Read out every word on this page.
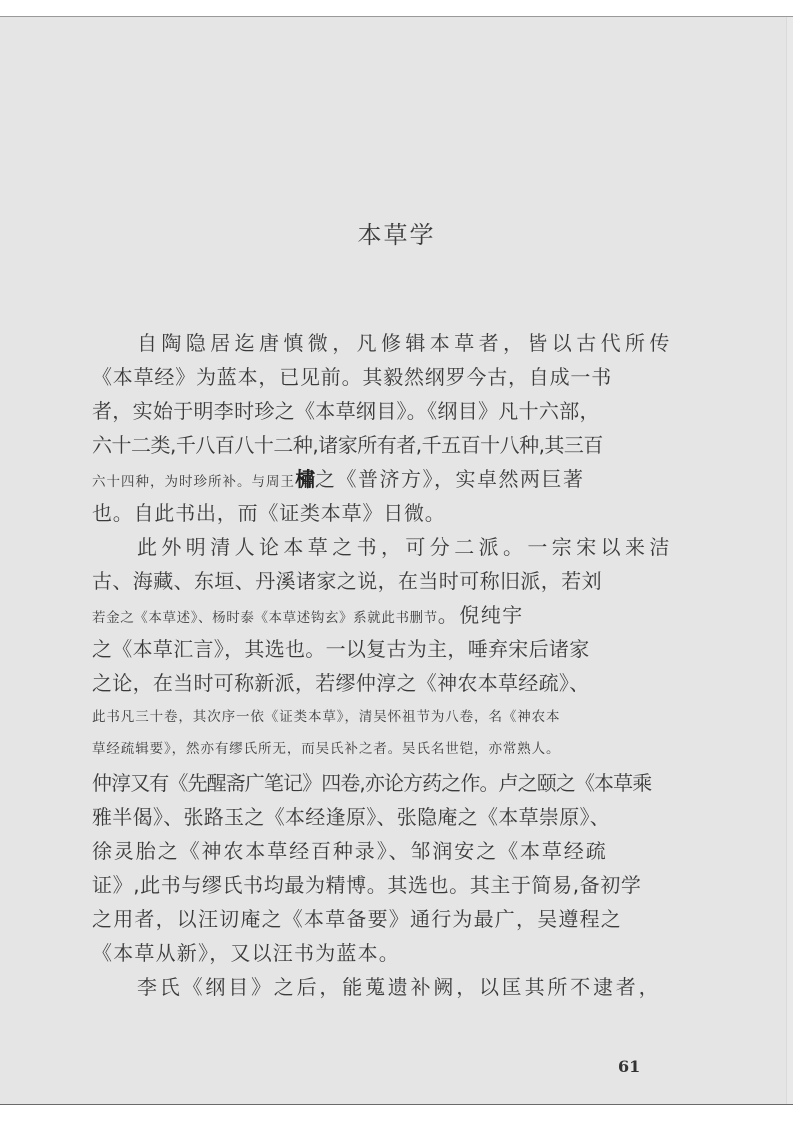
本草学
自陶隐居迄唐慎微，凡修辑本草者，皆以古代所传
《本草经》为蓝本，已见前。其毅然纲罗今古，自成一书
者，实始于明李时珍之《本草纲目》。《纲目》凡十六部，
六十二类,千八百八十二种,诸家所有者,千五百十八种,其三百
六十四种，为时珍所补。与周王橚之《普济方》，实卓然两巨著
也。自此书出，而《证类本草》日微。
此外明清人论本草之书，可分二派。一宗宋以来洁
古、海藏、东垣、丹溪诸家之说，在当时可称旧派，若刘
若金之《本草述》、杨时泰《本草述钩玄》系就此书删节。倪纯宇
之《本草汇言》，其选也。一以复古为主，唾弃宋后诸家
之论，在当时可称新派，若缪仲淳之《神农本草经疏》、
此书凡三十卷，其次序一依《证类本草》，清吴怀祖节为八卷，名《神农本
草经疏辑要》，然亦有缪氏所无，而吴氏补之者。吴氏名世铠，亦常熟人。
仲淳又有《先醒斋广笔记》四卷,亦论方药之作。卢之颐之《本草乘
雅半偈》、张路玉之《本经逢原》、张隐庵之《本草崇原》、
徐灵胎之《神农本草经百种录》、邹润安之《本草经疏
证》,此书与缪氏书均最为精博。其选也。其主于简易,备初学
之用者，以汪讱庵之《本草备要》通行为最广，吴遵程之
《本草从新》，又以汪书为蓝本。
李氏《纲目》之后，能蒐遗补阙，以匡其所不逮者，
61
